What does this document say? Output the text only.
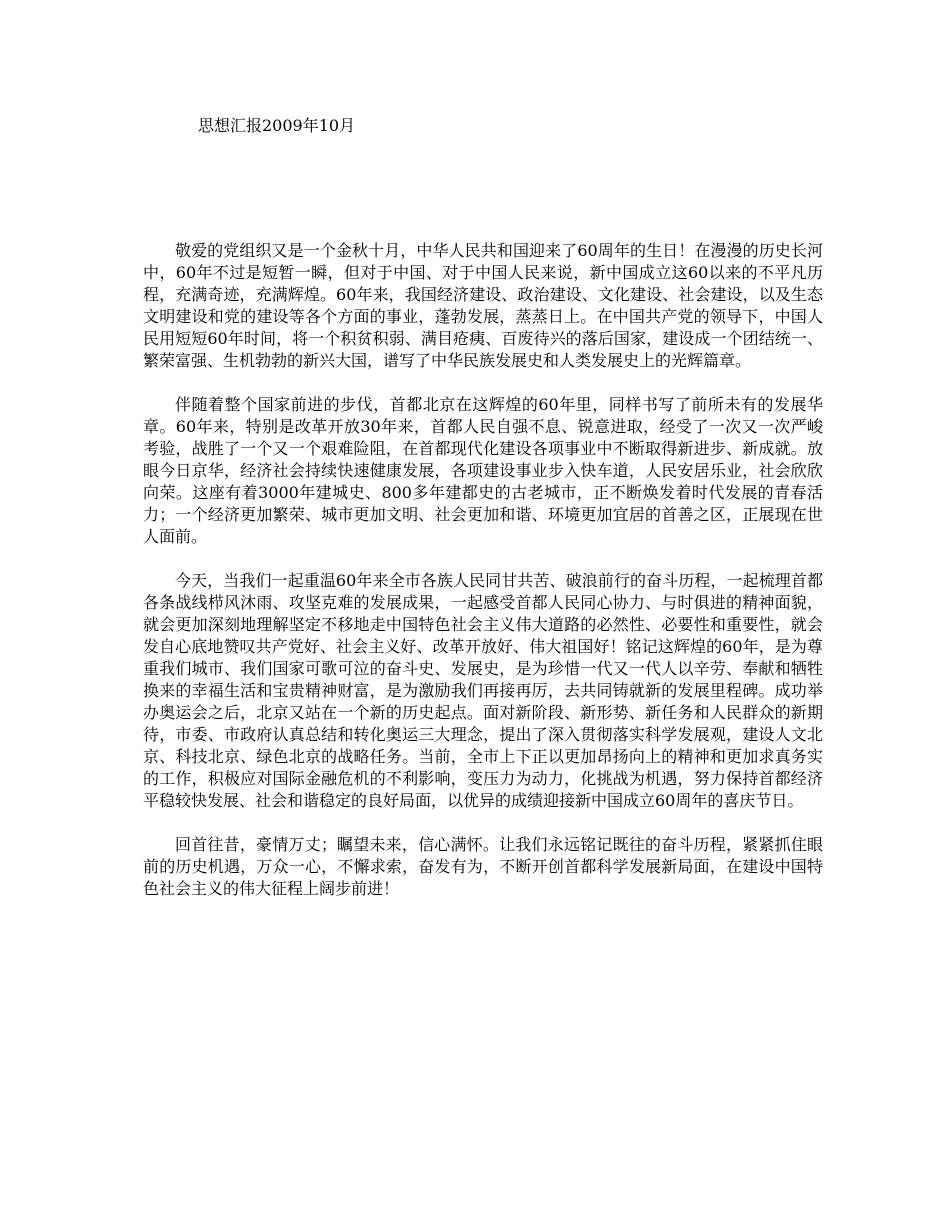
思想汇报2009年10月

敬爱的党组织又是一个金秋十月，中华人民共和国迎来了60周年的生日！在漫漫的历史长河中，60年不过是短暂一瞬，但对于中国、对于中国人民来说，新中国成立这60以来的不平凡历程，充满奇迹，充满辉煌。60年来，我国经济建设、政治建设、文化建设、社会建设，以及生态文明建设和党的建设等各个方面的事业，蓬勃发展，蒸蒸日上。在中国共产党的领导下，中国人民用短短60年时间，将一个积贫积弱、满目疮痍、百废待兴的落后国家，建设成一个团结统一、繁荣富强、生机勃勃的新兴大国，谱写了中华民族发展史和人类发展史上的光辉篇章。

伴随着整个国家前进的步伐，首都北京在这辉煌的60年里，同样书写了前所未有的发展华章。60年来，特别是改革开放30年来，首都人民自强不息、锐意进取，经受了一次又一次严峻考验，战胜了一个又一个艰难险阻，在首都现代化建设各项事业中不断取得新进步、新成就。放眼今日京华，经济社会持续快速健康发展，各项建设事业步入快车道，人民安居乐业，社会欣欣向荣。这座有着3000年建城史、800多年建都史的古老城市，正不断焕发着时代发展的青春活力；一个经济更加繁荣、城市更加文明、社会更加和谐、环境更加宜居的首善之区，正展现在世人面前。

今天，当我们一起重温60年来全市各族人民同甘共苦、破浪前行的奋斗历程，一起梳理首都各条战线栉风沐雨、攻坚克难的发展成果，一起感受首都人民同心协力、与时俱进的精神面貌，就会更加深刻地理解坚定不移地走中国特色社会主义伟大道路的必然性、必要性和重要性，就会发自心底地赞叹共产党好、社会主义好、改革开放好、伟大祖国好！铭记这辉煌的60年，是为尊重我们城市、我们国家可歌可泣的奋斗史、发展史，是为珍惜一代又一代人以辛劳、奉献和牺牲换来的幸福生活和宝贵精神财富，是为激励我们再接再厉，去共同铸就新的发展里程碑。成功举办奥运会之后，北京又站在一个新的历史起点。面对新阶段、新形势、新任务和人民群众的新期待，市委、市政府认真总结和转化奥运三大理念，提出了深入贯彻落实科学发展观，建设人文北京、科技北京、绿色北京的战略任务。当前，全市上下正以更加昂扬向上的精神和更加求真务实的工作，积极应对国际金融危机的不利影响，变压力为动力，化挑战为机遇，努力保持首都经济平稳较快发展、社会和谐稳定的良好局面，以优异的成绩迎接新中国成立60周年的喜庆节日。

回首往昔，豪情万丈；瞩望未来，信心满怀。让我们永远铭记既往的奋斗历程，紧紧抓住眼前的历史机遇，万众一心，不懈求索，奋发有为，不断开创首都科学发展新局面，在建设中国特色社会主义的伟大征程上阔步前进！
